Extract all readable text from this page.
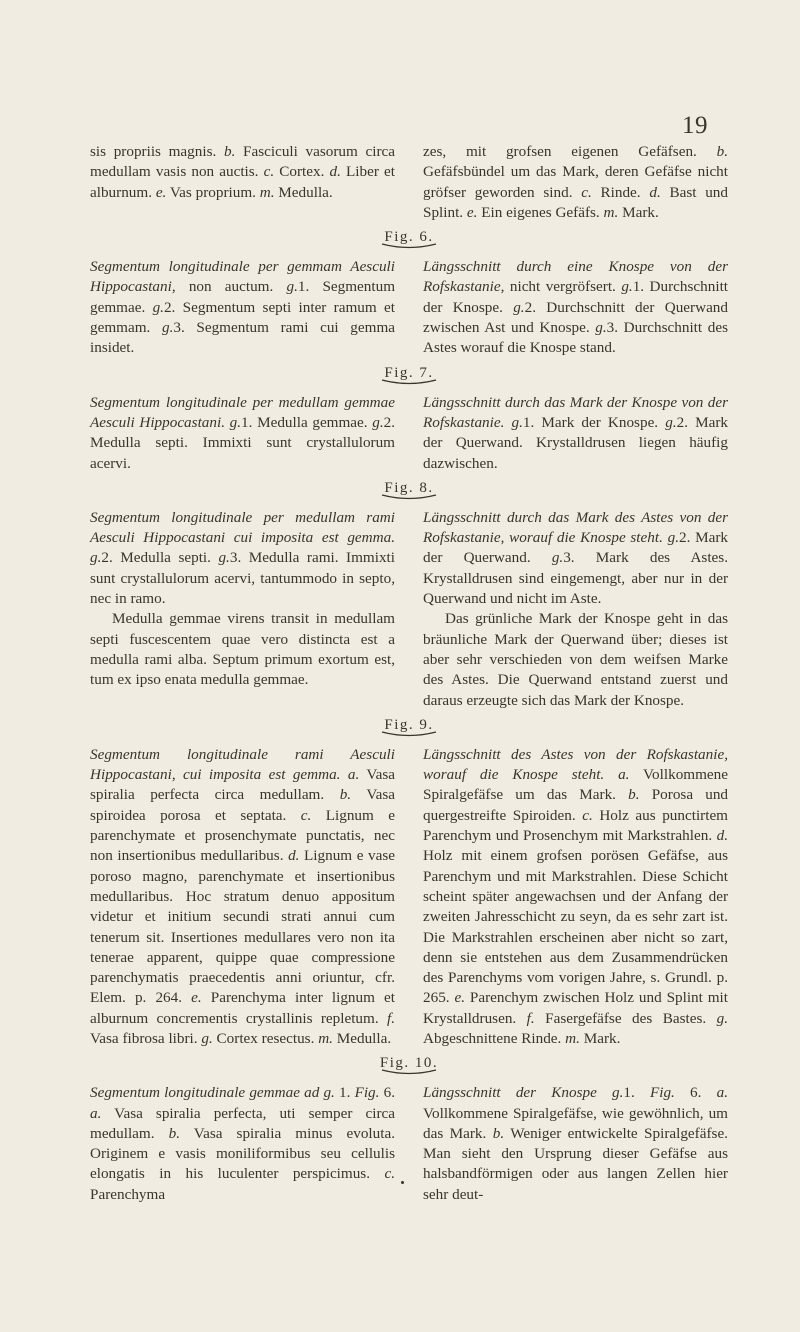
19

sis propriis magnis. b. Fasciculi vasorum circa medullam vasis non auctis. c. Cortex. d. Liber et alburnum. e. Vas proprium. m. Medulla.

zes, mit grofsen eigenen Gefäfsen. b. Gefäfsbündel um das Mark, deren Gefäfse nicht gröfser geworden sind. c. Rinde. d. Bast und Splint. e. Ein eigenes Gefäfs. m. Mark.

Fig. 6.

Segmentum longitudinale per gemmam Aesculi Hippocastani, non auctum. g.1. Segmentum gemmae. g.2. Segmentum septi inter ramum et gemmam. g.3. Segmentum rami cui gemma insidet.

Längsschnitt durch eine Knospe von der Rofskastanie, nicht vergröfsert. g.1. Durchschnitt der Knospe. g.2. Durchschnitt der Querwand zwischen Ast und Knospe. g.3. Durchschnitt des Astes worauf die Knospe stand.

Fig. 7.

Segmentum longitudinale per medullam gemmae Aesculi Hippocastani. g.1. Medulla gemmae. g.2. Medulla septi. Immixti sunt crystallulorum acervi.

Längsschnitt durch das Mark der Knospe von der Rofskastanie. g.1. Mark der Knospe. g.2. Mark der Querwand. Krystalldrusen liegen häufig dazwischen.

Fig. 8.

Segmentum longitudinale per medullam rami Aesculi Hippocastani cui imposita est gemma. g.2. Medulla septi. g.3. Medulla rami. Immixti sunt crystallulorum acervi, tantummodo in septo, nec in ramo.

Medulla gemmae virens transit in medullam septi fuscescentem quae vero distincta est a medulla rami alba. Septum primum exortum est, tum ex ipso enata medulla gemmae.

Längsschnitt durch das Mark des Astes von der Rofskastanie, worauf die Knospe steht. g.2. Mark der Querwand. g.3. Mark des Astes. Krystalldrusen sind eingemengt, aber nur in der Querwand und nicht im Aste.

Das grünliche Mark der Knospe geht in das bräunliche Mark der Querwand über; dieses ist aber sehr verschieden von dem weifsen Marke des Astes. Die Querwand entstand zuerst und daraus erzeugte sich das Mark der Knospe.

Fig. 9.

Segmentum longitudinale rami Aesculi Hippocastani, cui imposita est gemma. a. Vasa spiralia perfecta circa medullam. b. Vasa spiroidea porosa et septata. c. Lignum e parenchymate et prosenchymate punctatis, nec non insertionibus medullaribus. d. Lignum e vase poroso magno, parenchymate et insertionibus medullaribus. Hoc stratum denuo appositum videtur et initium secundi strati annui cum tenerum sit. Insertiones medullares vero non ita tenerae apparent, quippe quae compressione parenchymatis praecedentis anni oriuntur, cfr. Elem. p. 264. e. Parenchyma inter lignum et alburnum concrementis crystallinis repletum. f. Vasa fibrosa libri. g. Cortex resectus. m. Medulla.

Längsschnitt des Astes von der Rofskastanie, worauf die Knospe steht. a. Vollkommene Spiralgefäfse um das Mark. b. Porosa und quergestreifte Spiroiden. c. Holz aus punctirtem Parenchym und Prosenchym mit Markstrahlen. d. Holz mit einem grofsen porösen Gefäfse, aus Parenchym und mit Markstrahlen. Diese Schicht scheint später angewachsen und der Anfang der zweiten Jahresschicht zu seyn, da es sehr zart ist. Die Markstrahlen erscheinen aber nicht so zart, denn sie entstehen aus dem Zusammendrücken des Parenchyms vom vorigen Jahre, s. Grundl. p. 265. e. Parenchym zwischen Holz und Splint mit Krystalldrusen. f. Fasergefäfse des Bastes. g. Abgeschnittene Rinde. m. Mark.

Fig. 10.

Segmentum longitudinale gemmae ad g. 1. Fig. 6. a. Vasa spiralia perfecta, uti semper circa medullam. b. Vasa spiralia minus evoluta. Originem e vasis moniliformibus seu cellulis elongatis in his luculenter perspicimus. c. Parenchyma

Längsschnitt der Knospe g.1. Fig. 6. a. Vollkommene Spiralgefäfse, wie gewöhnlich, um das Mark. b. Weniger entwickelte Spiralgefäfse. Man sieht den Ursprung dieser Gefäfse aus halsbandförmigen oder aus langen Zellen hier sehr deut-
